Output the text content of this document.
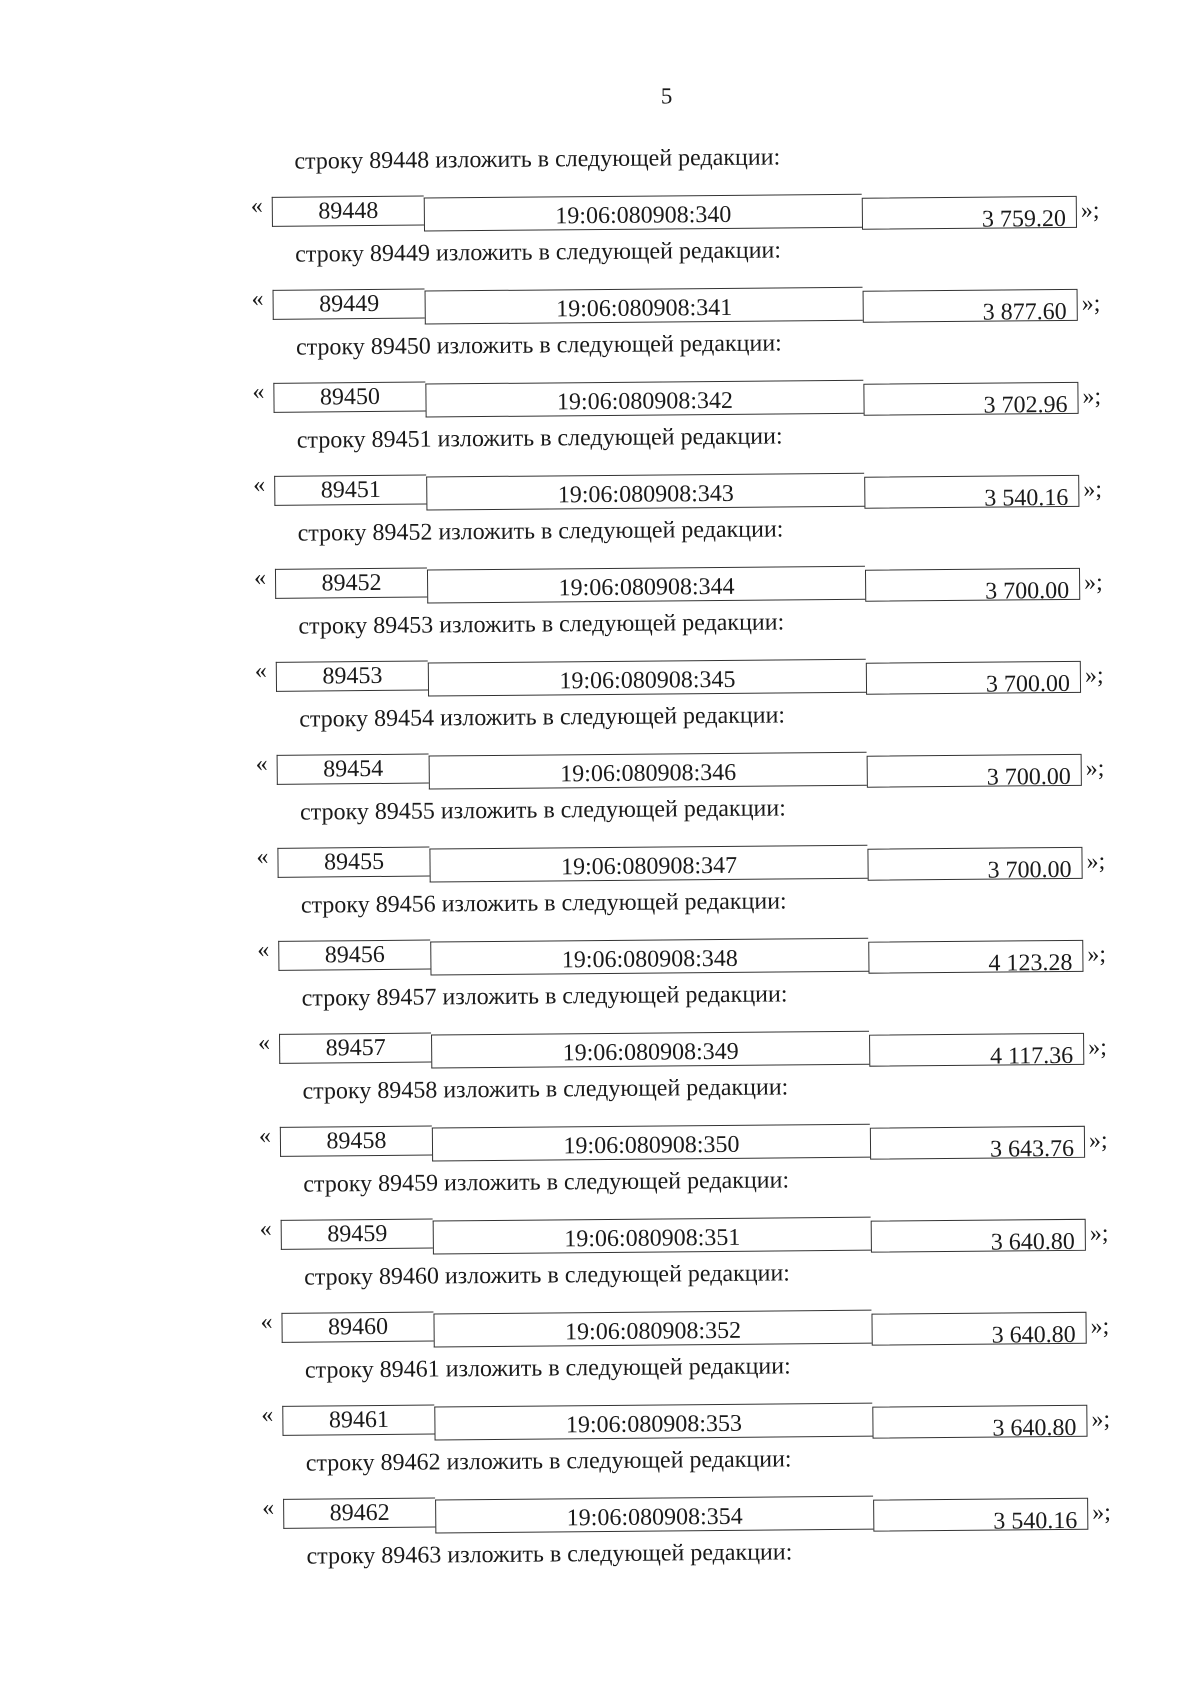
5
строку 89448 изложить в следующей редакции:
«	89448	19:06:080908:340	3 759.20 »;
строку 89449 изложить в следующей редакции:
«	89449	19:06:080908:341	3 877.60 »;
строку 89450 изложить в следующей редакции:
«	89450	19:06:080908:342	3 702.96 »;
строку 89451 изложить в следующей редакции:
«	89451	19:06:080908:343	3 540.16 »;
строку 89452 изложить в следующей редакции:
«	89452	19:06:080908:344	3 700.00 »;
строку 89453 изложить в следующей редакции:
«	89453	19:06:080908:345	3 700.00 »;
строку 89454 изложить в следующей редакции:
«	89454	19:06:080908:346	3 700.00 »;
строку 89455 изложить в следующей редакции:
«	89455	19:06:080908:347	3 700.00 »;
строку 89456 изложить в следующей редакции:
«	89456	19:06:080908:348	4 123.28 »;
строку 89457 изложить в следующей редакции:
«	89457	19:06:080908:349	4 117.36 »;
строку 89458 изложить в следующей редакции:
«	89458	19:06:080908:350	3 643.76 »;
строку 89459 изложить в следующей редакции:
«	89459	19:06:080908:351	3 640.80 »;
строку 89460 изложить в следующей редакции:
«	89460	19:06:080908:352	3 640.80 »;
строку 89461 изложить в следующей редакции:
«	89461	19:06:080908:353	3 640.80 »;
строку 89462 изложить в следующей редакции:
«	89462	19:06:080908:354	3 540.16 »;
строку 89463 изложить в следующей редакции:
